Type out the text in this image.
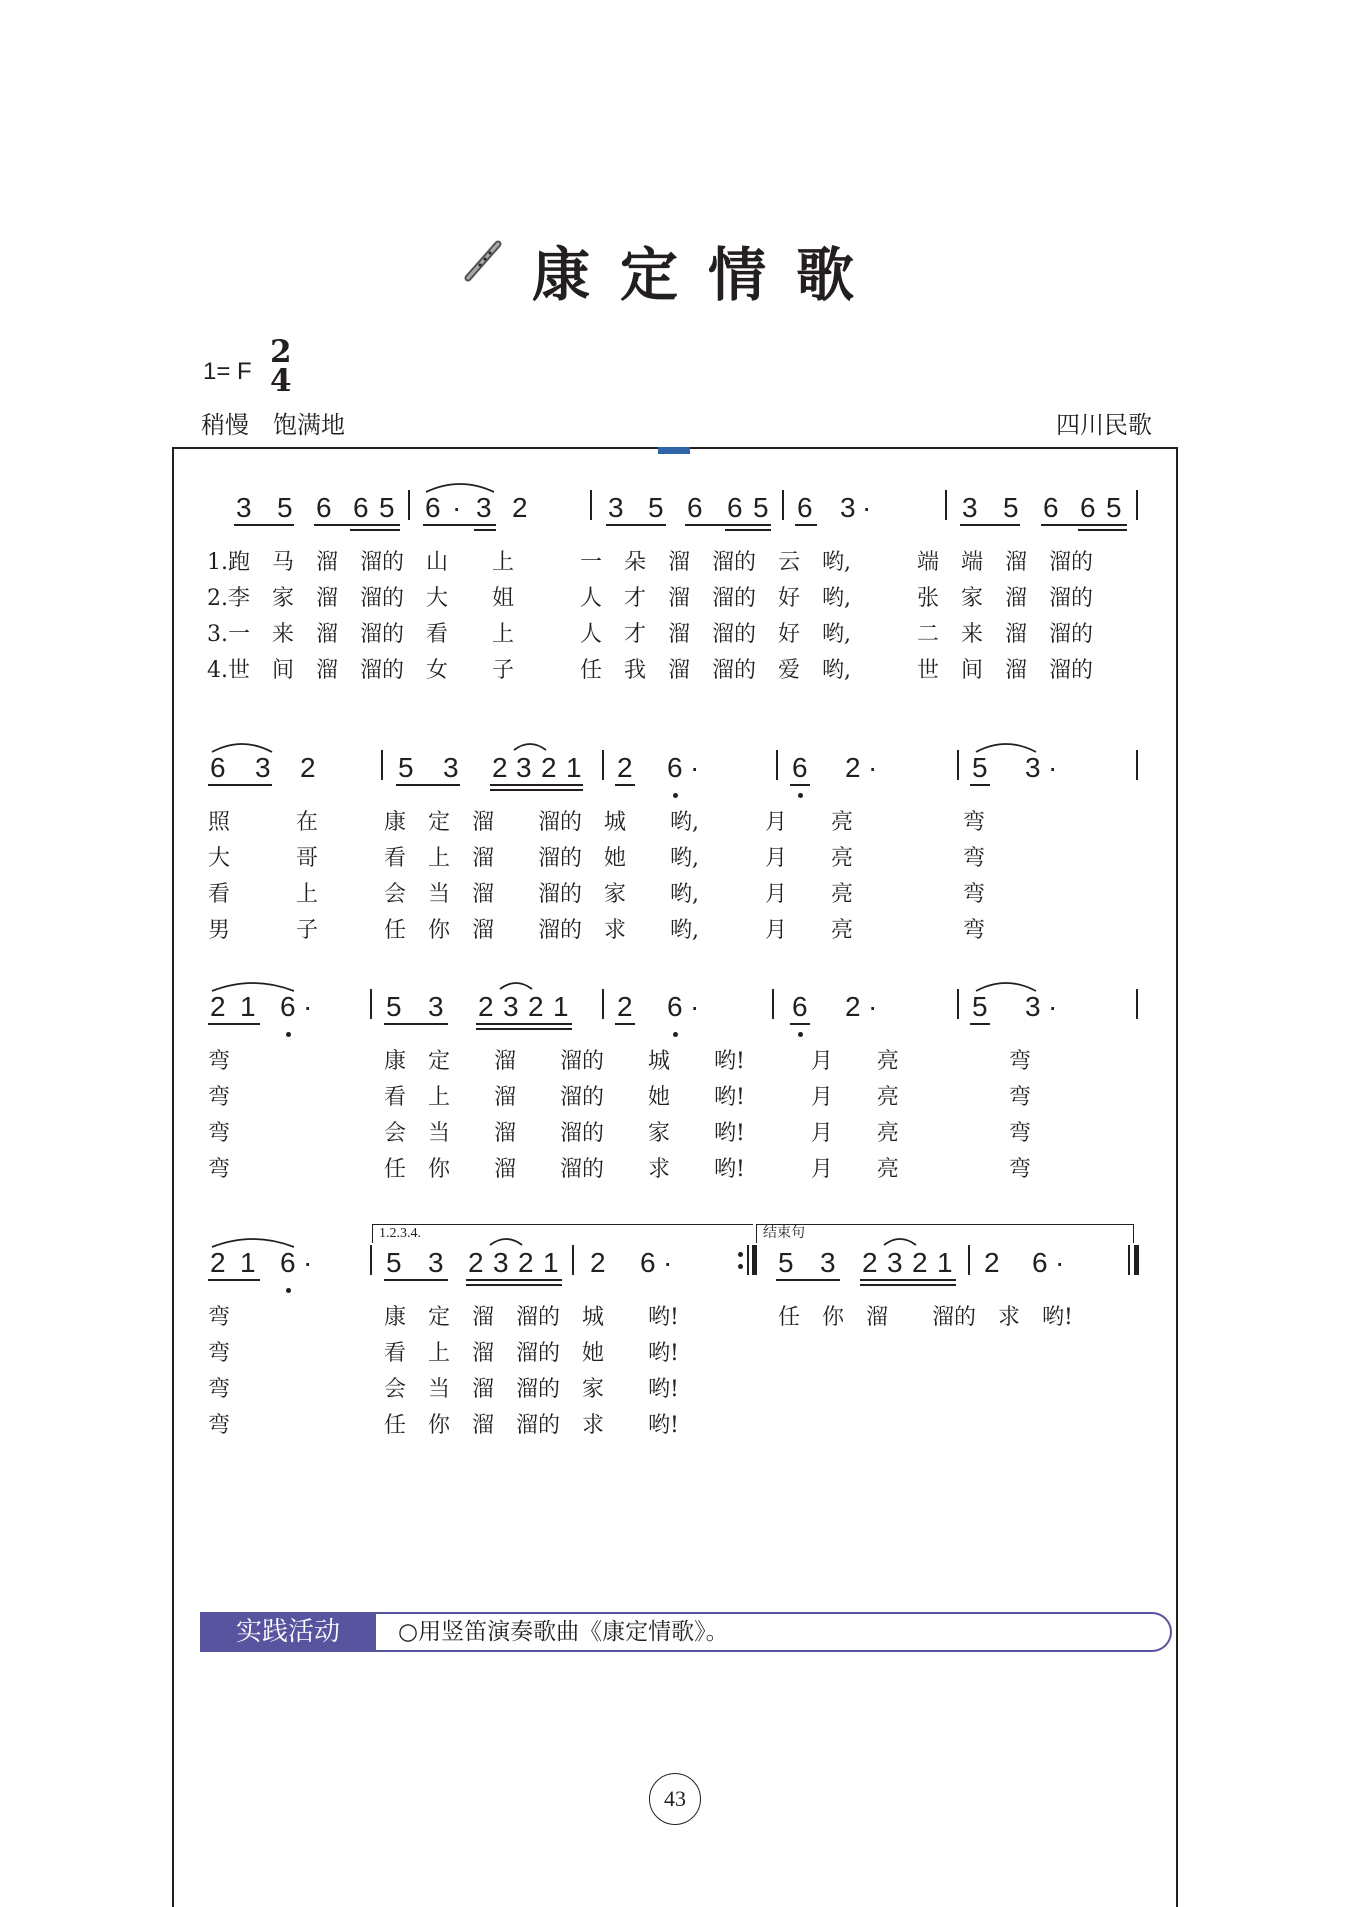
康定情歌
1= F
2
4
稍慢　饱满地	四川民歌
3 5 6 6 5 6 · 3 2	3 5 6 6 5 6 3 ·	3 5 6 6 5
1.跑　马　溜　溜的　山　　上　　　一　朵　溜　溜的　云　哟,　　　端　端　溜　溜的
2.李　家　溜　溜的　大　　姐　　　人　才　溜　溜的　好　哟,　　　张　家　溜　溜的
3.一　来　溜　溜的　看　　上　　　人　才　溜　溜的　好　哟,　　　二　来　溜　溜的
4.世　间　溜　溜的　女　　子　　　任　我　溜　溜的　爱　哟,　　　世　间　溜　溜的
6 3 2	5 3 2 3 2 1 2 6 ·	6 2 ·	5 3 ·
照　　　在　　　康　定　溜　　溜的　城　　哟,　　　月　　亮　　　　　弯
大　　　哥　　　看　上　溜　　溜的　她　　哟,　　　月　　亮　　　　　弯
看　　　上　　　会　当　溜　　溜的　家　　哟,　　　月　　亮　　　　　弯
男　　　子　　　任　你　溜　　溜的　求　　哟,　　　月　　亮　　　　　弯
2 1 6 ·	5 3 2 3 2 1 2 6 ·	6 2 ·	5 3 ·
弯　　　　　　　康　定　　溜　　溜的　　城　　哟!　　　月　　亮　　　　　弯
弯　　　　　　　看　上　　溜　　溜的　　她　　哟!　　　月　　亮　　　　　弯
弯　　　　　　　会　当　　溜　　溜的　　家　　哟!　　　月　　亮　　　　　弯
弯　　　　　　　任　你　　溜　　溜的　　求　　哟!　　　月　　亮　　　　　弯
1.2.3.4.	结束句
2 1 6 ·	5 3 2 3 2 1 2 6 ·	5 3 2 3 2 1 2 6 ·
弯　　　　　　　康　定　溜　溜的　城　　哟!
弯　　　　　　　看　上　溜　溜的　她　　哟!
弯　　　　　　　会　当　溜　溜的　家　　哟!
弯　　　　　　　任　你　溜　溜的　求　　哟!
任　你　溜　　溜的　求　哟!
实践活动	○用竖笛演奏歌曲《康定情歌》。
43
